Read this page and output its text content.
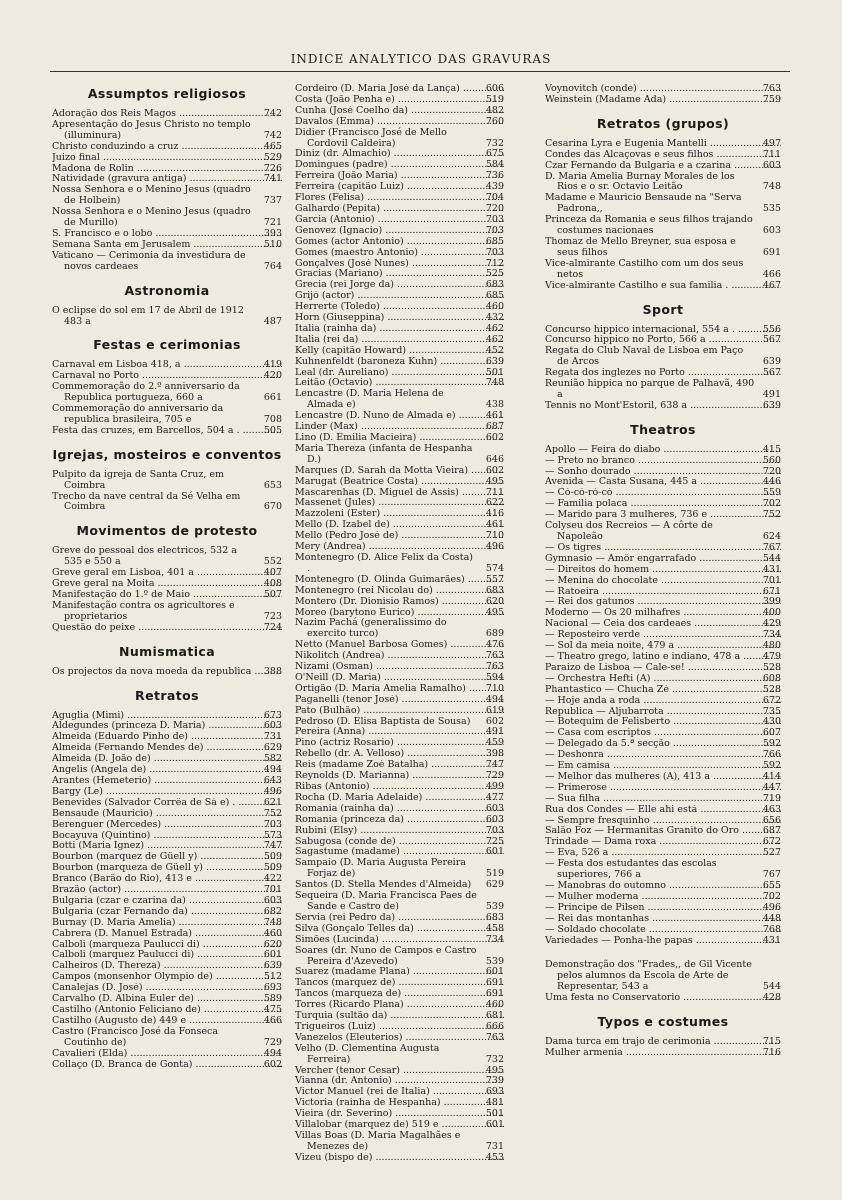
INDICE ANALYTICO DAS GRAVURAS
Assumptos religiosos
Adoração dos Reis Magos .....	742
Apresentação do Jesus Christo no templo (illuminura)	742
Christo conduzindo a cruz .....	465
Juizo final .....	529
Madona de Rolin .....	726
Natividade (gravura antiga) .....	741
Nossa Senhora e o Menino Jesus (quadro de Holbein)	737
Nossa Senhora e o Menino Jesus (quadro de Murillo)	721
S. Francisco e o lobo .....	393
Semana Santa em Jerusalem .....	510
Vaticano — Cerimonia da investidura de novos cardeaes	764
Astronomia
O eclipse do sol em 17 de Abril de 1912 483 a	487
Festas e cerimonias
Carnaval em Lisboa 418, a .....	419
Carnaval no Porto .....	420
Commemoração do 2.º anniversario da Republica portugueza, 660 a	661
Commemoração do anniversario da republica brasileira, 705 e	708
Festa das cruzes, em Barcellos, 504 a . .....	505
Igrejas, mosteiros e conventos
Pulpito da igreja de Santa Cruz, em Coimbra	653
Trecho da nave central da Sé Velha em Coimbra	670
Movimentos de protesto
Greve do pessoal dos electricos, 532 a 535 e 550 a	552
Greve geral em Lisboa, 401 a .....	407
Greve geral na Moita .....	408
Manifestação do 1.º de Maio .....	507
Manifestação contra os agricultores e proprietarios	723
Questão do peixe .....	724
Numismatica
Os projectos da nova moeda da republica .....	388
Retratos
Aguglia (Mimi) .....	673
Aldegundes (princeza D. Maria) .....	603
Almeida (Eduardo Pinho de) .....	731
Almeida (Fernando Mendes de) .....	629
Almeida (D. João de) .....	582
Angelis (Angela de) .....	494
Arantes (Hemeterio) .....	643
Bargy (Le) .....	496
Benevides (Salvador Corrêa de Sá e) . .....	621
Bensaude (Mauricio) .....	752
Berenguer (Mercedes) .....	703
Bocayuva (Quintino) .....	573
Botti (Maria Ignez) .....	747
Bourbon (marquez de Güell y) .....	509
Bourbon (marqueza de Güell y) .....	509
Branco (Barão do Rio), 413 e .....	422
Brazão (actor) .....	701
Bulgaria (czar e czarina da) .....	603
Bulgaria (czar Fernando da) .....	682
Burnay (D. Maria Amelia) .....	748
Cabrera (D. Manuel Estrada) .....	460
Calboli (marqueza Paulucci di) .....	620
Calboli (marquez Paulucci di) .....	601
Calheiros (D. Thereza) .....	639
Campos (monsenhor Olympio de) .....	512
Canalejas (D. José) .....	693
Carvalho (D. Albina Euler de) .....	589
Castilho (Antonio Feliciano de) .....	475
Castilho (Augusto de) 449 e .....	466
Castro (Francisco José da Fonseca Coutinho de)	729
Cavalieri (Elda) .....	494
Collaço (D. Branca de Gonta) .....	602
Cordeiro (D. Maria José da Lança) .....	606
Costa (João Penha e) .....	519
Cunha (José Coelho da) .....	482
Davalos (Emma) .....	760
Didier (Francisco José de Mello Cordovil Caldeira)	732
Diniz (dr. Almachio) .....	675
Domingues (padre) .....	584
Ferreira (João Maria) .....	736
Ferreira (capitão Luiz) .....	439
Flores (Felisa) .....	704
Galhardo (Pepita) .....	720
Garcia (Antonio) .....	703
Genovez (Ignacio) .....	703
Gomes (actor Antonio) .....	685
Gomes (maestro Antonio) .....	703
Gonçalves (José Nunes) .....	712
Gracias (Mariano) .....	525
Grecia (rei Jorge da) .....	683
Grijó (actor) .....	685
Herrerte (Toledo) .....	460
Horn (Giuseppina) .....	432
Italia (rainha da) .....	462
Italia (rei da) .....	462
Kelly (capitão Howard) .....	452
Kuhnenfeldt (baroneza Kuhn) .....	639
Leal (dr. Aureliano) .....	501
Leitão (Octavio) .....	748
Lencastre (D. Maria Helena de Almada e)	438
Lencastre (D. Nuno de Almada e) .....	461
Linder (Max) .....	687
Lino (D. Emilia Macieira) .....	602
Maria Thereza (infanta de Hespanha D.)	646
Marques (D. Sarah da Motta Vieira) .....	602
Marugat (Beatrice Costa) .....	495
Mascarenhas (D. Miguel de Assis) .....	711
Massenet (Jules) .....	622
Mazzoleni (Ester) .....	416
Mello (D. Izabel de) .....	461
Mello (Pedro José de) .....	710
Mery (Andrea) .....	496
Montenegro (D. Alice Felix da Costa) .	574
Montenegro (D. Olinda Guimarães) .....	557
Montenegro (rei Nicolau do) .....	683
Montero (Dr. Dionisio Ramos) .....	620
Moreo (barytono Eurico) .....	495
Nazim Pachá (generalissimo do exercito turco)	689
Netto (Manuel Barbosa Gomes) .....	476
Nikolitch (Andrea) .....	763
Nizami (Osman) .....	763
O'Neill (D. Maria) .....	594
Ortigão (D. Maria Amelia Ramalho) .....	710
Paganelli (tenor José) .....	494
Pato (Bulhão) .....	619
Pedroso (D. Elisa Baptista de Sousa)	602
Pereira (Anna) .....	491
Pino (actriz Rosario) .....	459
Rebello (dr. A. Velloso) .....	398
Reis (madame Zoé Batalha) .....	747
Reynolds (D. Marianna) .....	729
Ribas (Antonio) .....	499
Rocha (D. Maria Adelaide) .....	477
Romania (rainha da) .....	603
Romania (princeza da) .....	603
Rubini (Elsy) .....	703
Sabugosa (conde de) .....	725
Sagastume (madame) .....	601
Sampaio (D. Maria Augusta Pereira Forjaz de)	519
Santos (D. Stella Mendes d'Almeida)	629
Sequeira (D. Maria Francisca Paes de Sande e Castro de)	539
Servia (rei Pedro da) .....	683
Silva (Gonçalo Telles da) .....	458
Simões (Lucinda) .....	734
Soares (dr. Nuno de Campos e Castro Pereira d'Azevedo)	539
Suarez (madame Plana) .....	601
Tancos (marquez de) .....	691
Tancos (marqueza de) .....	691
Torres (Ricardo Plana) .....	460
Turquia (sultão da) .....	681
Trigueiros (Luiz) .....	666
Vanezelos (Eleuterios) .....	763
Velho (D. Clementina Augusta Ferreira)	732
Vercher (tenor Cesar) .....	495
Vianna (dr. Antonio) .....	739
Victor Manuel (rei de Italia) .....	693
Victoria (rainha de Hespanha) .....	481
Vieira (dr. Severino) .....	501
Villalobar (marquez de) 519 e .....	601
Villas Boas (D. Maria Magalhães e Menezes de)	731
Vizeu (bispo de) .....	453
Voynovitch (conde) .....	763
Weinstein (Madame Ada) .....	759
Retratos (grupos)
Cesarina Lyra e Eugenia Mantelli .....	497
Condes das Alcaçovas e seus filhos .....	711
Czar Fernando da Bulgaria e a czarina .....	603
D. Maria Amelia Burnay Morales de los Rios e o sr. Octavio Leitão	748
Madame e Mauricio Bensaude na "Serva Padrona,,	535
Princeza da Romania e seus filhos trajando costumes nacionaes	603
Thomaz de Mello Breyner, sua esposa e seus filhos	691
Vice-almirante Castilho com um dos seus netos	466
Vice-almirante Castilho e sua familia . .....	467
Sport
Concurso hippico internacional, 554 a . .....	556
Concurso hippico no Porto, 566 a .....	567
Regata do Club Naval de Lisboa em Paço de Arcos	639
Regata dos inglezes no Porto .....	567
Reunião hippica no parque de Palhavã, 490 a	491
Tennis no Mont'Estoril, 638 a .....	639
Theatros
Apollo — Feira do diabo .....	415
— Preto no branco .....	560
— Sonho dourado .....	720
Avenida — Casta Susana, 445 a .....	446
— Có-có-ró-có .....	559
— Familia polaca .....	702
— Marido para 3 mulheres, 736 e .....	752
Colyseu dos Recreios — A côrte de Napoleão	624
— Os tigres .....	767
Gymnasio — Amôr engarrafado .....	544
— Direitos do homem .....	431
— Menina do chocolate .....	701
— Ratoeira .....	671
— Rei dos gatunos .....	399
Moderno — Os 20 milhafres .....	400
Nacional — Ceia dos cardeaes .....	429
— Reposteiro verde .....	734
— Sol da meia noite, 479 a .....	480
— Theatro grego, latino e indiano, 478 a .....	479
Paraizo de Lisboa — Cale-se! .....	528
— Orchestra Hefti (A) .....	608
Phantastico — Chucha Zé .....	528
— Hoje anda a roda .....	672
Republica — Aljubarrota .....	735
— Botequim de Felisberto .....	430
— Casa com escriptos .....	607
— Delegado da 5.ª secção .....	592
— Deshonra .....	766
— Em camisa .....	592
— Melhor das mulheres (A), 413 a .....	414
— Primerose .....	447
— Sua filha .....	719
Rua dos Condes — Elle ahi está .....	463
— Sempre fresquinho .....	656
Salão Foz — Hermanitas Granito do Oro .....	687
Trindade — Dama roxa .....	672
— Eva, 526 a .....	527
— Festa dos estudantes das escolas superiores, 766 a	767
— Manobras do outomno .....	655
— Mulher moderna .....	702
— Principe de Pilsen .....	496
— Rei das montanhas .....	448
— Soldado chocolate .....	768
Variedades — Ponha-lhe papas .....	431
Demonstração dos "Frades,, de Gil Vicente pelos alumnos da Escola de Arte de Representar, 543 a	544
Uma festa no Conservatorio .....	428
Typos e costumes
Dama turca em trajo de cerimonia .....	715
Mulher armenia .....	716
